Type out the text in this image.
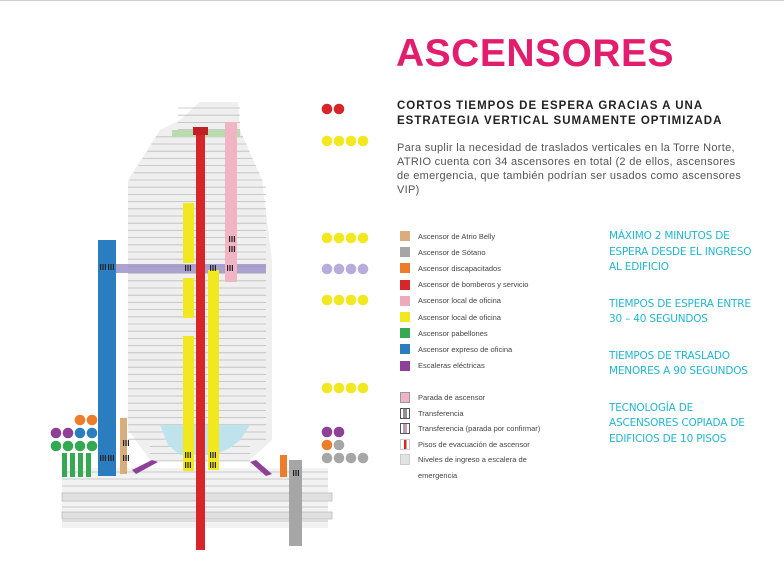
ASCENSORES
CORTOS TIEMPOS DE ESPERA GRACIAS A UNA ESTRATEGIA VERTICAL SUMAMENTE OPTIMIZADA
Para suplir la necesidad de traslados verticales en la Torre Norte, ATRIO cuenta con 34 ascensores en total (2 de ellos, ascensores de emergencia, que también podrían ser usados como ascensores VIP)
Ascensor de Atrio Belly
Ascensor de Sótano
Ascensor discapacitados
Ascensor de bomberos y servicio
Ascensor local de oficina
Ascensor local de oficina
Ascensor pabellones
Ascensor expreso de oficina
Escaleras eléctricas
Parada de ascensor
Transferencia
Transferencia (parada por confirmar)
Pisos de evacuación de ascensor
Niveles de ingreso a escalera de
emergencia
MÁXIMO 2 MINUTOS DE ESPERA DESDE EL INGRESO AL EDIFICIO
TIEMPOS DE ESPERA ENTRE 30 – 40 SEGUNDOS
TIEMPOS DE TRASLADO MENORES A 90 SEGUNDOS
TECNOLOGÍA DE ASCENSORES COPIADA DE EDIFICIOS DE 10 PISOS
